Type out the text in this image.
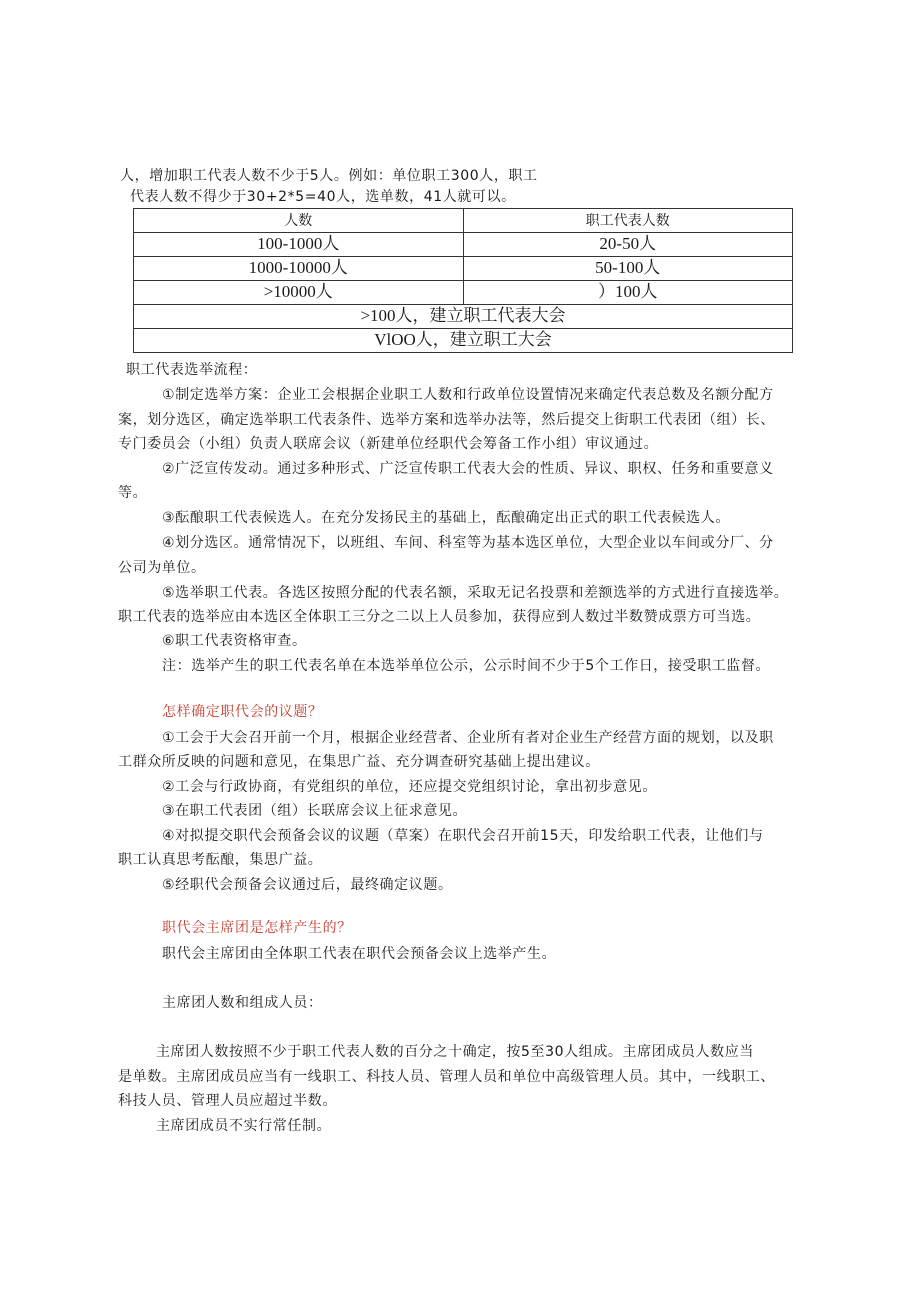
人，增加职工代表人数不少于5人。例如：单位职工300人，职工
代表人数不得少于30+2*5=40人，选单数，41人就可以。
人数	职工代表人数
100-1000人	20-50人
1000-10000人	50-100人
>10000人	）100人
>100人，建立职工代表大会	
VlOO人，建立职工大会	
职工代表选举流程：
①制定选举方案：企业工会根据企业职工人数和行政单位设置情况来确定代表总数及名额分配方
案，划分选区，确定选举职工代表条件、选举方案和选举办法等，然后提交上街职工代表团（组）长、
专门委员会（小组）负责人联席会议（新建单位经职代会筹备工作小组）审议通过。
②广泛宣传发动。通过多种形式、广泛宣传职工代表大会的性质、异议、职权、任务和重要意义
等。
③酝酿职工代表候选人。在充分发扬民主的基础上，酝酿确定出正式的职工代表候选人。
④划分选区。通常情况下，以班组、车间、科室等为基本选区单位，大型企业以车间或分厂、分
公司为单位。
⑤选举职工代表。各选区按照分配的代表名额，采取无记名投票和差额选举的方式进行直接选举。
职工代表的选举应由本选区全体职工三分之二以上人员参加，获得应到人数过半数赞成票方可当选。
⑥职工代表资格审查。
注：选举产生的职工代表名单在本选举单位公示，公示时间不少于5个工作日，接受职工监督。
怎样确定职代会的议题？
①工会于大会召开前一个月，根据企业经营者、企业所有者对企业生产经营方面的规划，以及职
工群众所反映的问题和意见，在集思广益、充分调查研究基础上提出建议。
②工会与行政协商，有党组织的单位，还应提交党组织讨论，拿出初步意见。
③在职工代表团（组）长联席会议上征求意见。
④对拟提交职代会预备会议的议题（草案）在职代会召开前15天，印发给职工代表，让他们与
职工认真思考酝酿，集思广益。
⑤经职代会预备会议通过后，最终确定议题。
职代会主席团是怎样产生的？
职代会主席团由全体职工代表在职代会预备会议上选举产生。
主席团人数和组成人员：
主席团人数按照不少于职工代表人数的百分之十确定，按5至30人组成。主席团成员人数应当
是单数。主席团成员应当有一线职工、科技人员、管理人员和单位中高级管理人员。其中，一线职工、
科技人员、管理人员应超过半数。
主席团成员不实行常任制。
